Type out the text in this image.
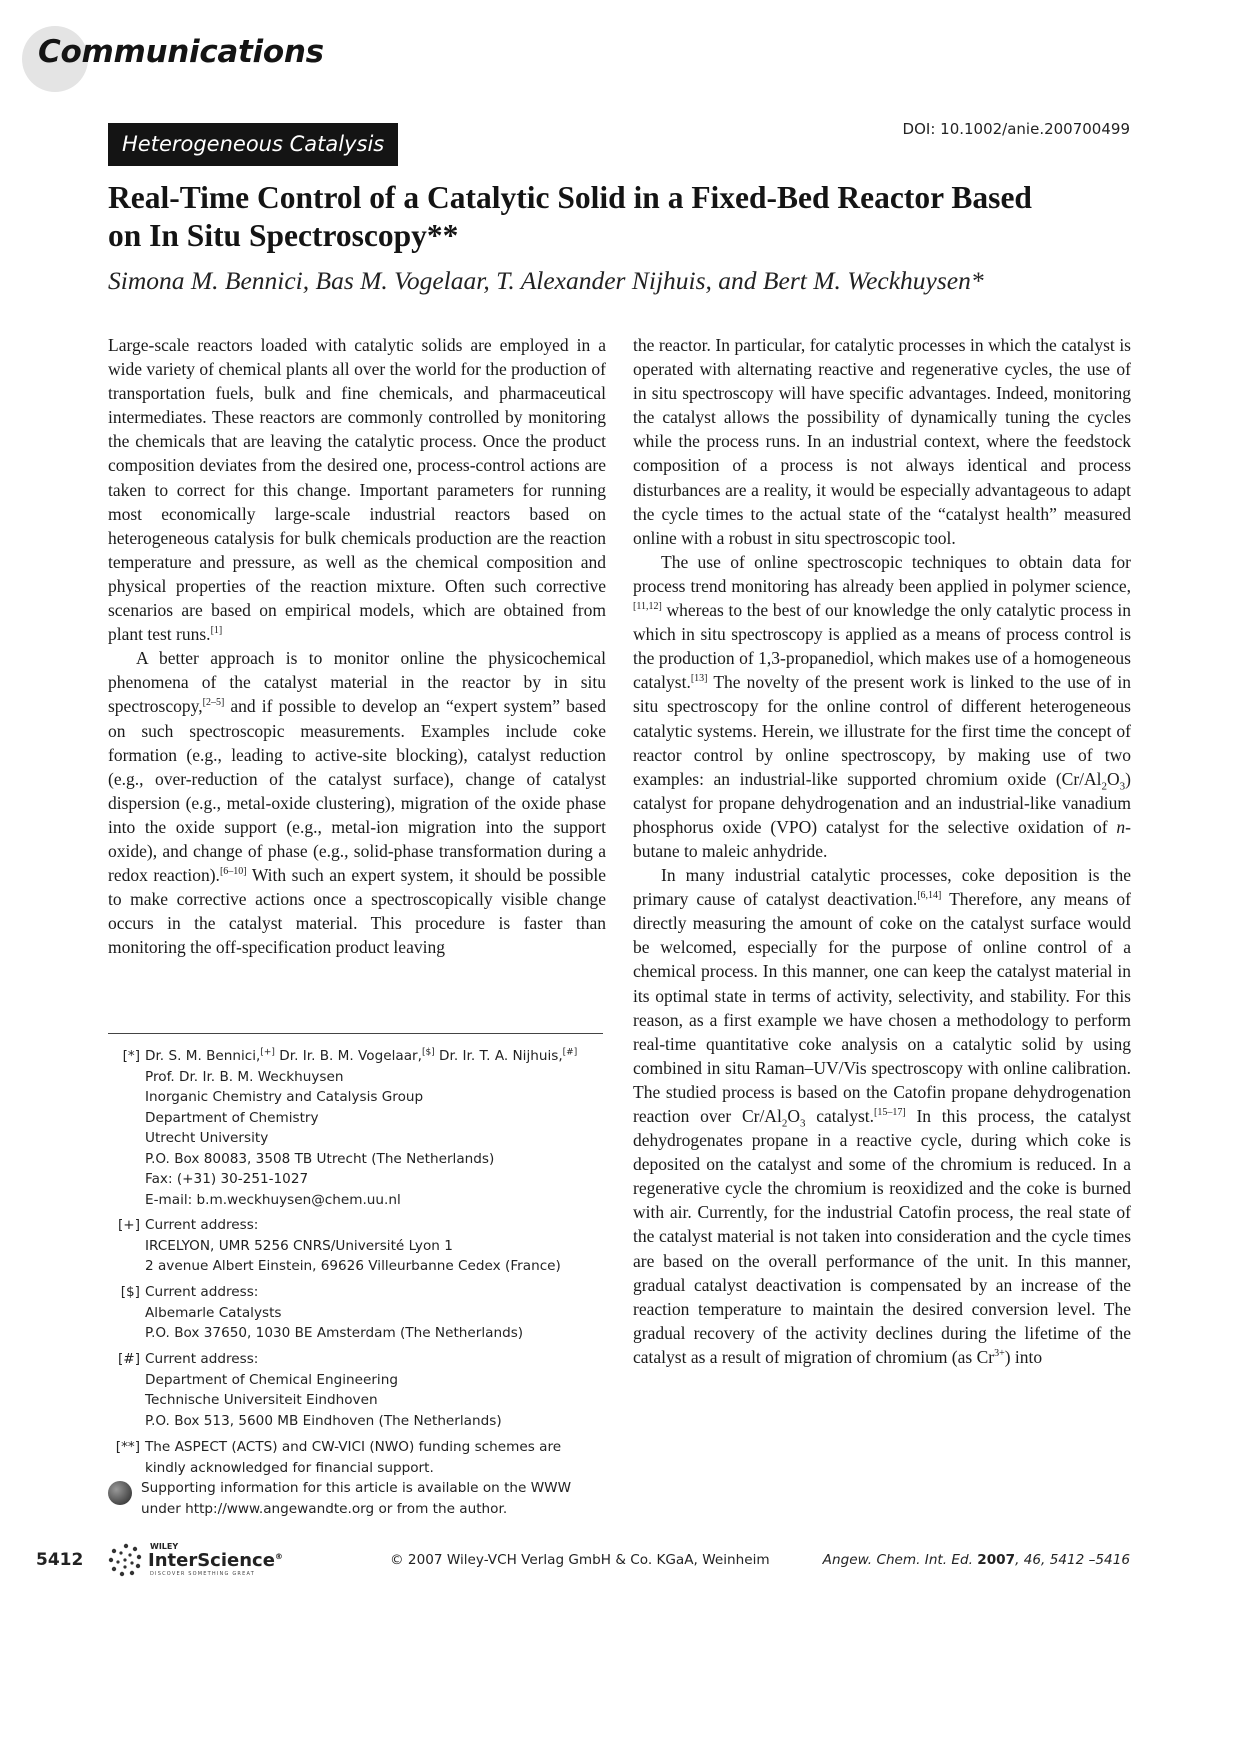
Communications
Heterogeneous Catalysis
DOI: 10.1002/anie.200700499
Real-Time Control of a Catalytic Solid in a Fixed-Bed Reactor Based
on In Situ Spectroscopy**
Simona M. Bennici, Bas M. Vogelaar, T. Alexander Nijhuis, and Bert M. Weckhuysen*

Large-scale reactors loaded with catalytic solids are employed in a wide variety of chemical plants all over the world for the production of transportation fuels, bulk and fine chemicals, and pharmaceutical intermediates. These reactors are commonly controlled by monitoring the chemicals that are leaving the catalytic process. Once the product composition deviates from the desired one, process-control actions are taken to correct for this change. Important parameters for running most economically large-scale industrial reactors based on heterogeneous catalysis for bulk chemicals production are the reaction temperature and pressure, as well as the chemical composition and physical properties of the reaction mixture. Often such corrective scenarios are based on empirical models, which are obtained from plant test runs.[1]

A better approach is to monitor online the physicochemical phenomena of the catalyst material in the reactor by in situ spectroscopy,[2–5] and if possible to develop an “expert system” based on such spectroscopic measurements. Examples include coke formation (e.g., leading to active-site blocking), catalyst reduction (e.g., over-reduction of the catalyst surface), change of catalyst dispersion (e.g., metal-oxide clustering), migration of the oxide phase into the oxide support (e.g., metal-ion migration into the support oxide), and change of phase (e.g., solid-phase transformation during a redox reaction).[6–10] With such an expert system, it should be possible to make corrective actions once a spectroscopically visible change occurs in the catalyst material. This procedure is faster than monitoring the off-specification product leaving

the reactor. In particular, for catalytic processes in which the catalyst is operated with alternating reactive and regenerative cycles, the use of in situ spectroscopy will have specific advantages. Indeed, monitoring the catalyst allows the possibility of dynamically tuning the cycles while the process runs. In an industrial context, where the feedstock composition of a process is not always identical and process disturbances are a reality, it would be especially advantageous to adapt the cycle times to the actual state of the “catalyst health” measured online with a robust in situ spectroscopic tool.

The use of online spectroscopic techniques to obtain data for process trend monitoring has already been applied in polymer science,[11,12] whereas to the best of our knowledge the only catalytic process in which in situ spectroscopy is applied as a means of process control is the production of 1,3-propanediol, which makes use of a homogeneous catalyst.[13] The novelty of the present work is linked to the use of in situ spectroscopy for the online control of different heterogeneous catalytic systems. Herein, we illustrate for the first time the concept of reactor control by online spectroscopy, by making use of two examples: an industrial-like supported chromium oxide $(Cr/Al_2O_3)$ catalyst for propane dehydrogenation and an industrial-like vanadium phosphorus oxide (VPO) catalyst for the selective oxidation of n-butane to maleic anhydride.

In many industrial catalytic processes, coke deposition is the primary cause of catalyst deactivation.[6,14] Therefore, any means of directly measuring the amount of coke on the catalyst surface would be welcomed, especially for the purpose of online control of a chemical process. In this manner, one can keep the catalyst material in its optimal state in terms of activity, selectivity, and stability. For this reason, as a first example we have chosen a methodology to perform real-time quantitative coke analysis on a catalytic solid by using combined in situ Raman–UV/Vis spectroscopy with online calibration. The studied process is based on the Catofin propane dehydrogenation reaction over $Cr/Al_2O_3$ catalyst.[15–17] In this process, the catalyst dehydrogenates propane in a reactive cycle, during which coke is deposited on the catalyst and some of the chromium is reduced. In a regenerative cycle the chromium is reoxidized and the coke is burned with air. Currently, for the industrial Catofin process, the real state of the catalyst material is not taken into consideration and the cycle times are based on the overall performance of the unit. In this manner, gradual catalyst deactivation is compensated by an increase of the reaction temperature to maintain the desired conversion level. The gradual recovery of the activity declines during the lifetime of the catalyst as a result of migration of chromium (as $Cr^{3+}$) into

[*] Dr. S. M. Bennici,[+] Dr. Ir. B. M. Vogelaar,[$] Dr. Ir. T. A. Nijhuis,[#]
Prof. Dr. Ir. B. M. Weckhuysen
Inorganic Chemistry and Catalysis Group
Department of Chemistry
Utrecht University
P.O. Box 80083, 3508 TB Utrecht (The Netherlands)
Fax: (+31) 30-251-1027
E-mail: b.m.weckhuysen@chem.uu.nl
[+] Current address:
IRCELYON, UMR 5256 CNRS/Université Lyon 1
2 avenue Albert Einstein, 69626 Villeurbanne Cedex (France)
[$] Current address:
Albemarle Catalysts
P.O. Box 37650, 1030 BE Amsterdam (The Netherlands)
[#] Current address:
Department of Chemical Engineering
Technische Universiteit Eindhoven
P.O. Box 513, 5600 MB Eindhoven (The Netherlands)
[**] The ASPECT (ACTS) and CW-VICI (NWO) funding schemes are
kindly acknowledged for financial support.
Supporting information for this article is available on the WWW
under http://www.angewandte.org or from the author.
5412
WILEY
InterScience®
DISCOVER SOMETHING GREAT
© 2007 Wiley-VCH Verlag GmbH & Co. KGaA, Weinheim	Angew. Chem. Int. Ed. 2007, 46, 5412 –5416
